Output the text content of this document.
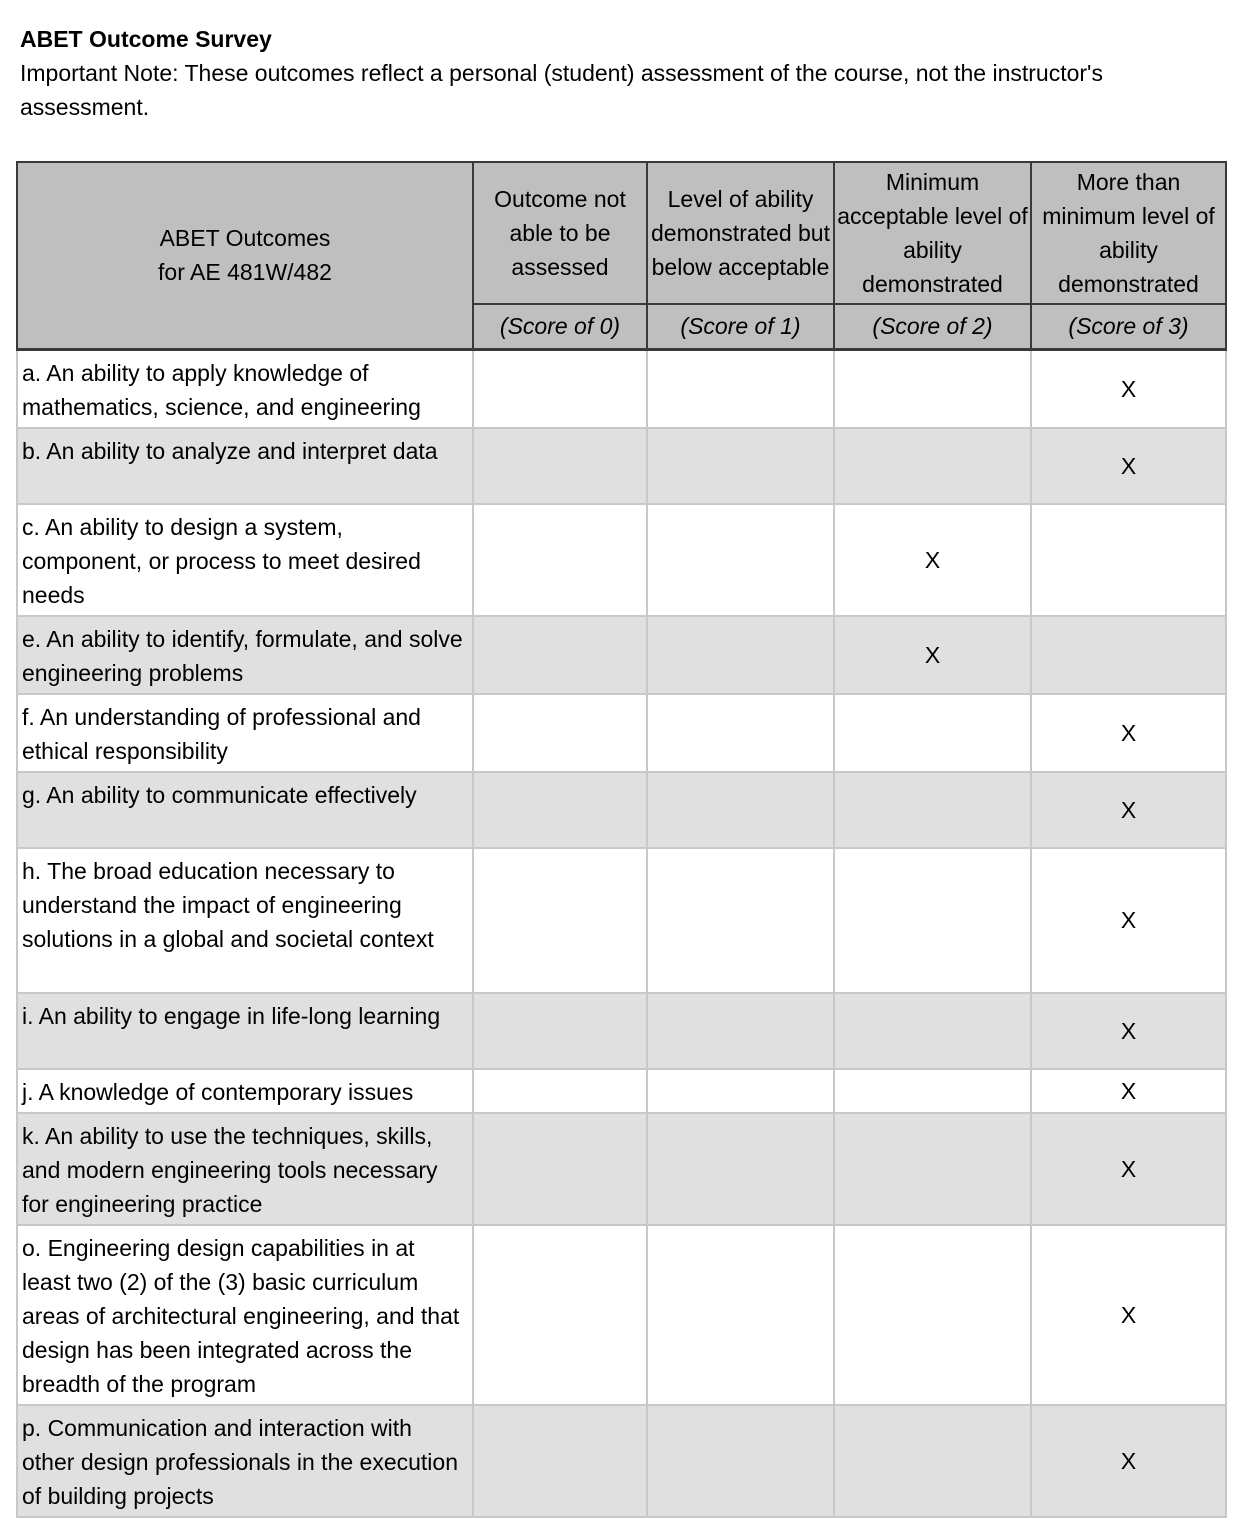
ABET Outcome Survey
Important Note: These outcomes reflect a personal (student) assessment of the course, not the instructor's assessment.
ABET Outcomes
for AE 481W/482	Outcome not able to be assessed	Level of ability demonstrated but below acceptable	Minimum acceptable level of ability demonstrated	More than minimum level of ability demonstrated
	(Score of 0)	(Score of 1)	(Score of 2)	(Score of 3)
a. An ability to apply knowledge of mathematics, science, and engineering				X
b. An ability to analyze and interpret data				X
c. An ability to design a system, component, or process to meet desired needs			X	
e. An ability to identify, formulate, and solve engineering problems			X	
f. An understanding of professional and ethical responsibility				X
g. An ability to communicate effectively				X
h. The broad education necessary to understand the impact of engineering solutions in a global and societal context				X
i. An ability to engage in life-long learning				X
j. A knowledge of contemporary issues				X
k. An ability to use the techniques, skills, and modern engineering tools necessary for engineering practice				X
o. Engineering design capabilities in at least two (2) of the (3) basic curriculum areas of architectural engineering, and that design has been integrated across the breadth of the program				X
p. Communication and interaction with other design professionals in the execution of building projects				X
